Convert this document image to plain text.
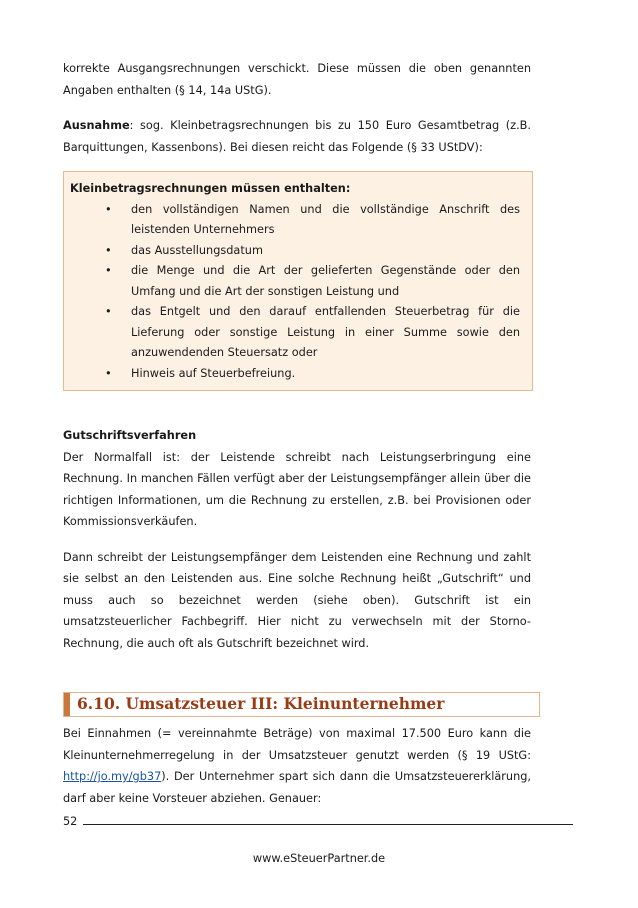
korrekte Ausgangsrechnungen verschickt. Diese müssen die oben genannten

Angaben enthalten (§ 14, 14a UStG).

Ausnahme: sog. Kleinbetragsrechnungen bis zu 150 Euro Gesamtbetrag (z.B. Barquittungen, Kassenbons). Bei diesen reicht das Folgende (§ 33 UStDV):

Kleinbetragsrechnungen müssen enthalten:
• den vollständigen Namen und die vollständige Anschrift des leistenden Unternehmers
• das Ausstellungsdatum
• die Menge und die Art der gelieferten Gegenstände oder den Umfang und die Art der sonstigen Leistung und
• das Entgelt und den darauf entfallenden Steuerbetrag für die Lieferung oder sonstige Leistung in einer Summe sowie den anzuwendenden Steuersatz oder
• Hinweis auf Steuerbefreiung.

Gutschriftsverfahren

Der Normalfall ist: der Leistende schreibt nach Leistungserbringung eine Rechnung. In manchen Fällen verfügt aber der Leistungsempfänger allein über die richtigen Informationen, um die Rechnung zu erstellen, z.B. bei Provisionen oder Kommissionsverkäufen.

Dann schreibt der Leistungsempfänger dem Leistenden eine Rechnung und zahlt sie selbst an den Leistenden aus. Eine solche Rechnung heißt „Gutschrift“ und muss auch so bezeichnet werden (siehe oben). Gutschrift ist ein umsatzsteuerlicher Fachbegriff. Hier nicht zu verwechseln mit der Storno-Rechnung, die auch oft als Gutschrift bezeichnet wird.

6.10. Umsatzsteuer III: Kleinunternehmer

Bei Einnahmen (= vereinnahmte Beträge) von maximal 17.500 Euro kann die Kleinunternehmerregelung in der Umsatzsteuer genutzt werden (§ 19 UStG: http://jo.my/gb37). Der Unternehmer spart sich dann die Umsatzsteuererklärung, darf aber keine Vorsteuer abziehen. Genauer:

52
www.eSteuerPartner.de
